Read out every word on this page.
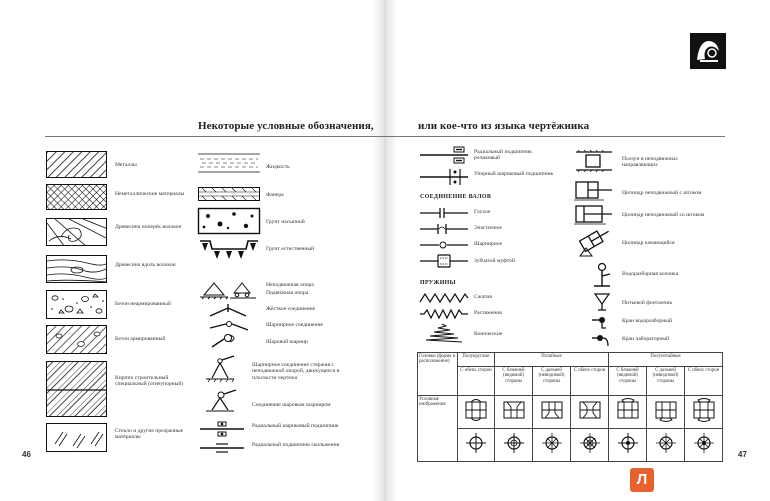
Некоторые условные обозначения,	или кое-что из языка чертёжника
Металлы
Неметаллические материалы
Древесина поперёк волокон
Древесина вдоль волокон
Бетон неармированный
Бетон армированный
Кирпич строительный специальный (огнеупорный)
Стекло и другие прозрачные материалы
46
Жидкость
Фанера
Грунт насыпной
Грунт естественный
Неподвижная опора
Подвижная опора
Жёсткое соединение
Шарнирное соединение
Шаровой шарнир
Шарнирное соединение стержня с неподвижной опорой, движущееся в плоскости чертежа
Соединение шаровым шарниром
Радиальный шариковый подшипник
Радиальный подшипник скольжения
Радиальный подшипник роликовый
Упорный шариковый подшипник
СОЕДИНЕНИЕ ВАЛОВ
Глухое
Эластичное
Шарнирное
Зубчатой муфтой
ПРУЖИНЫ
Сжатия
Растяжения
Конические
Ползун в неподвижных направляющих
Цилиндр неподвижный с штоком
Цилиндр неподвижный со штоком
Цилиндр качающийся
Водоразборная колонка
Питьевой фонтанчик
Кран водоразборный
Кран лабораторный
Головки (форма и расположение)	Полукруглые	Потайные			Полупотайные		
	С обеих сторон	С ближней (видимой) стороны	С дальней (невидимой) стороны	С обеих сторон	С ближней (видимой) стороны	С дальней (невидимой) стороны	С обеих сторон
Условные изображения							

47
Л
